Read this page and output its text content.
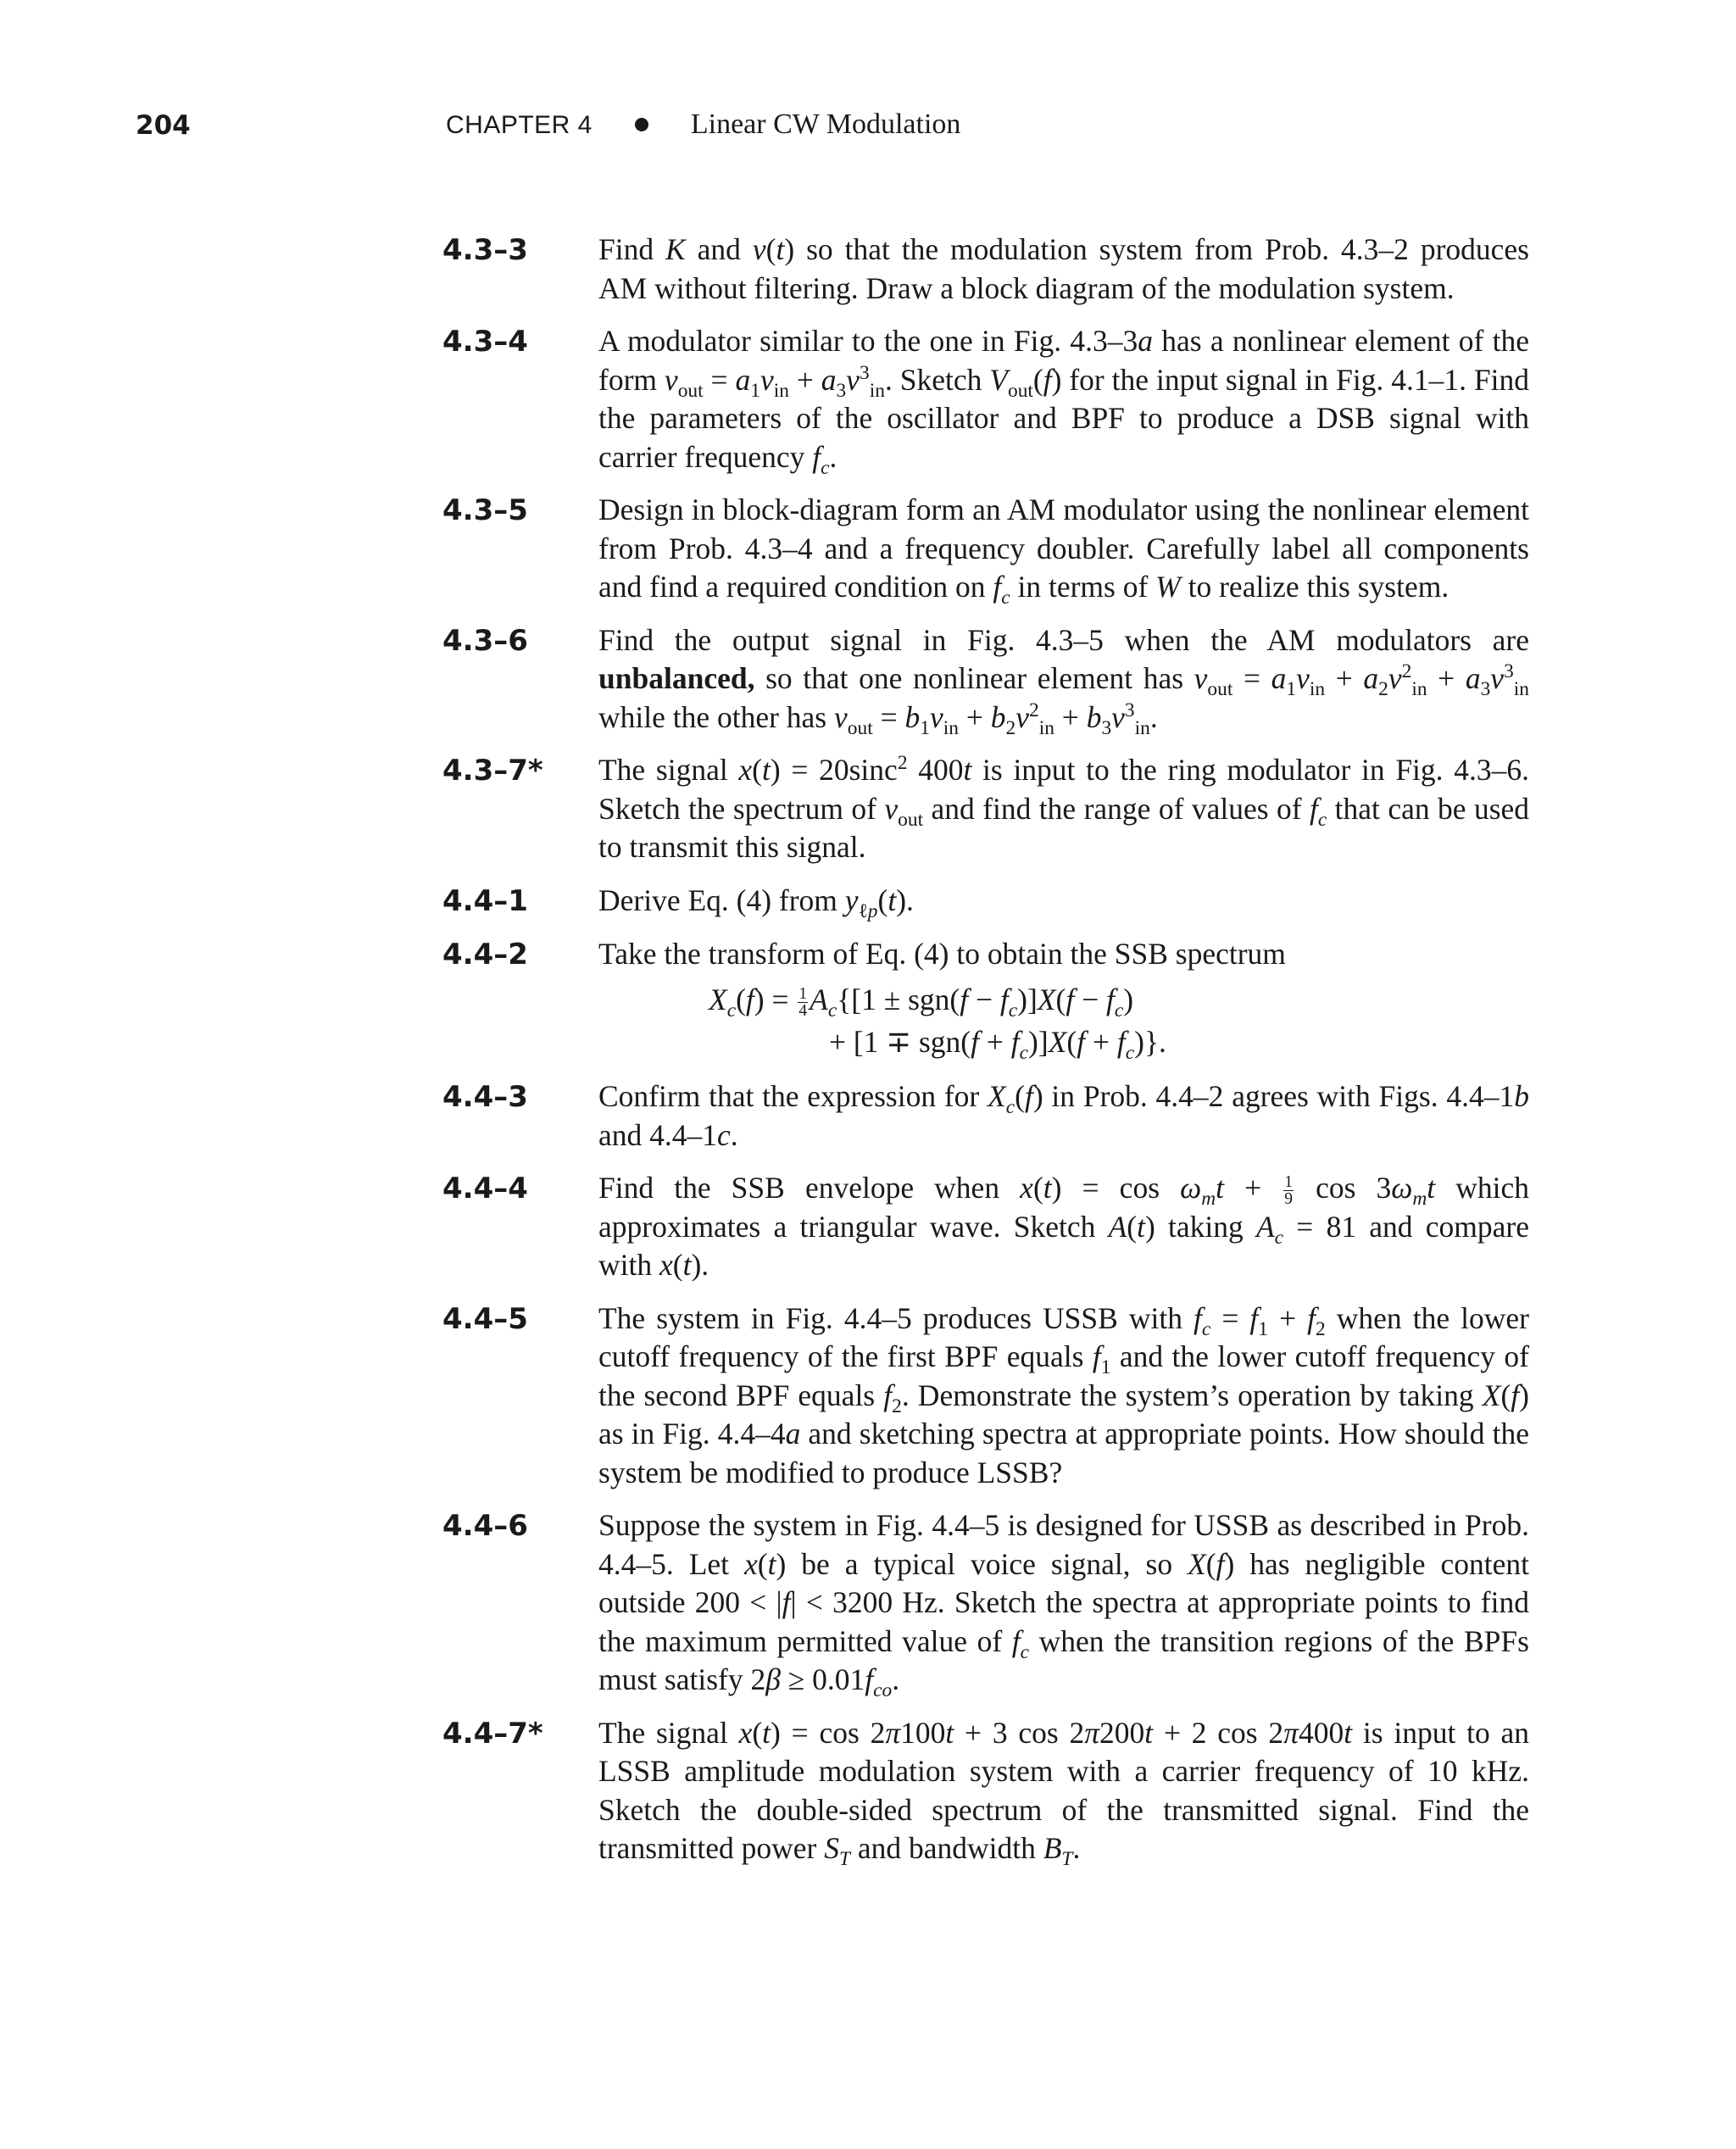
204	CHAPTER 4	Linear CW Modulation
4.3–3	Find K and v(t) so that the modulation system from Prob. 4.3–2 produces AM without filtering. Draw a block diagram of the modulation system.
4.3–4	A modulator similar to the one in Fig. 4.3–3a has a nonlinear element of the form $v_{out} = a_1v_{in} + a_3v^3_{in}$. Sketch $V_{out}(f)$ for the input signal in Fig. 4.1–1. Find the parameters of the oscillator and BPF to produce a DSB signal with carrier frequency $f_c$.
4.3–5	Design in block-diagram form an AM modulator using the nonlinear element from Prob. 4.3–4 and a frequency doubler. Carefully label all components and find a required condition on $f_c$ in terms of W to realize this system.
4.3–6	Find the output signal in Fig. 4.3–5 when the AM modulators are unbalanced, so that one nonlinear element has $v_{out} = a_1v_{in} + a_2v^2_{in} + a_3v^3_{in}$ while the other has $v_{out} = b_1v_{in} + b_2v^2_{in} + b_3v^3_{in}$.
4.3–7*	The signal x(t) = 20sinc$^2$ 400t is input to the ring modulator in Fig. 4.3–6. Sketch the spectrum of $v_{out}$ and find the range of values of $f_c$ that can be used to transmit this signal.
4.4–1	Derive Eq. (4) from $y_{\ell p}(t)$.
4.4–2	Take the transform of Eq. (4) to obtain the SSB spectrum
$X_c(f) = \frac{1}{4} A_c\{[1 \pm sgn(f - f_c)]X(f - f_c)$
+ $[1 \mp sgn(f + f_c)]X(f + f_c)$}.
4.4–3	Confirm that the expression for $X_c(f)$ in Prob. 4.4–2 agrees with Figs. 4.4–1b and 4.4–1c.
4.4–4	Find the SSB envelope when $x(t) = \cos \omega_mt + \frac{1}{9}$ $\cos 3\omega_mt$ which approximates a triangular wave. Sketch A(t) taking $A_c = 81$ and compare with x(t).
4.4–5	The system in Fig. 4.4–5 produces USSB with $f_c = f_1 + f_2$ when the lower cutoff frequency of the first BPF equals $f_1$ and the lower cutoff frequency of the second BPF equals $f_2$. Demonstrate the system’s operation by taking X(f) as in Fig. 4.4–4a and sketching spectra at appropriate points. How should the system be modified to produce LSSB?
4.4–6	Suppose the system in Fig. 4.4–5 is designed for USSB as described in Prob. 4.4–5. Let x(t) be a typical voice signal, so X(f) has negligible content outside 200 < |f| < 3200 Hz. Sketch the spectra at appropriate points to find the maximum permitted value of $f_c$ when the transition regions of the BPFs must satisfy $2\beta \ge 0.01f_{co}$.
4.4–7*	The signal x(t) = cos 2π100t + 3 cos 2π200t + 2 cos 2π400t is input to an LSSB amplitude modulation system with a carrier frequency of 10 kHz. Sketch the double-sided spectrum of the transmitted signal. Find the transmitted power $S_T$ and bandwidth $B_T$.
